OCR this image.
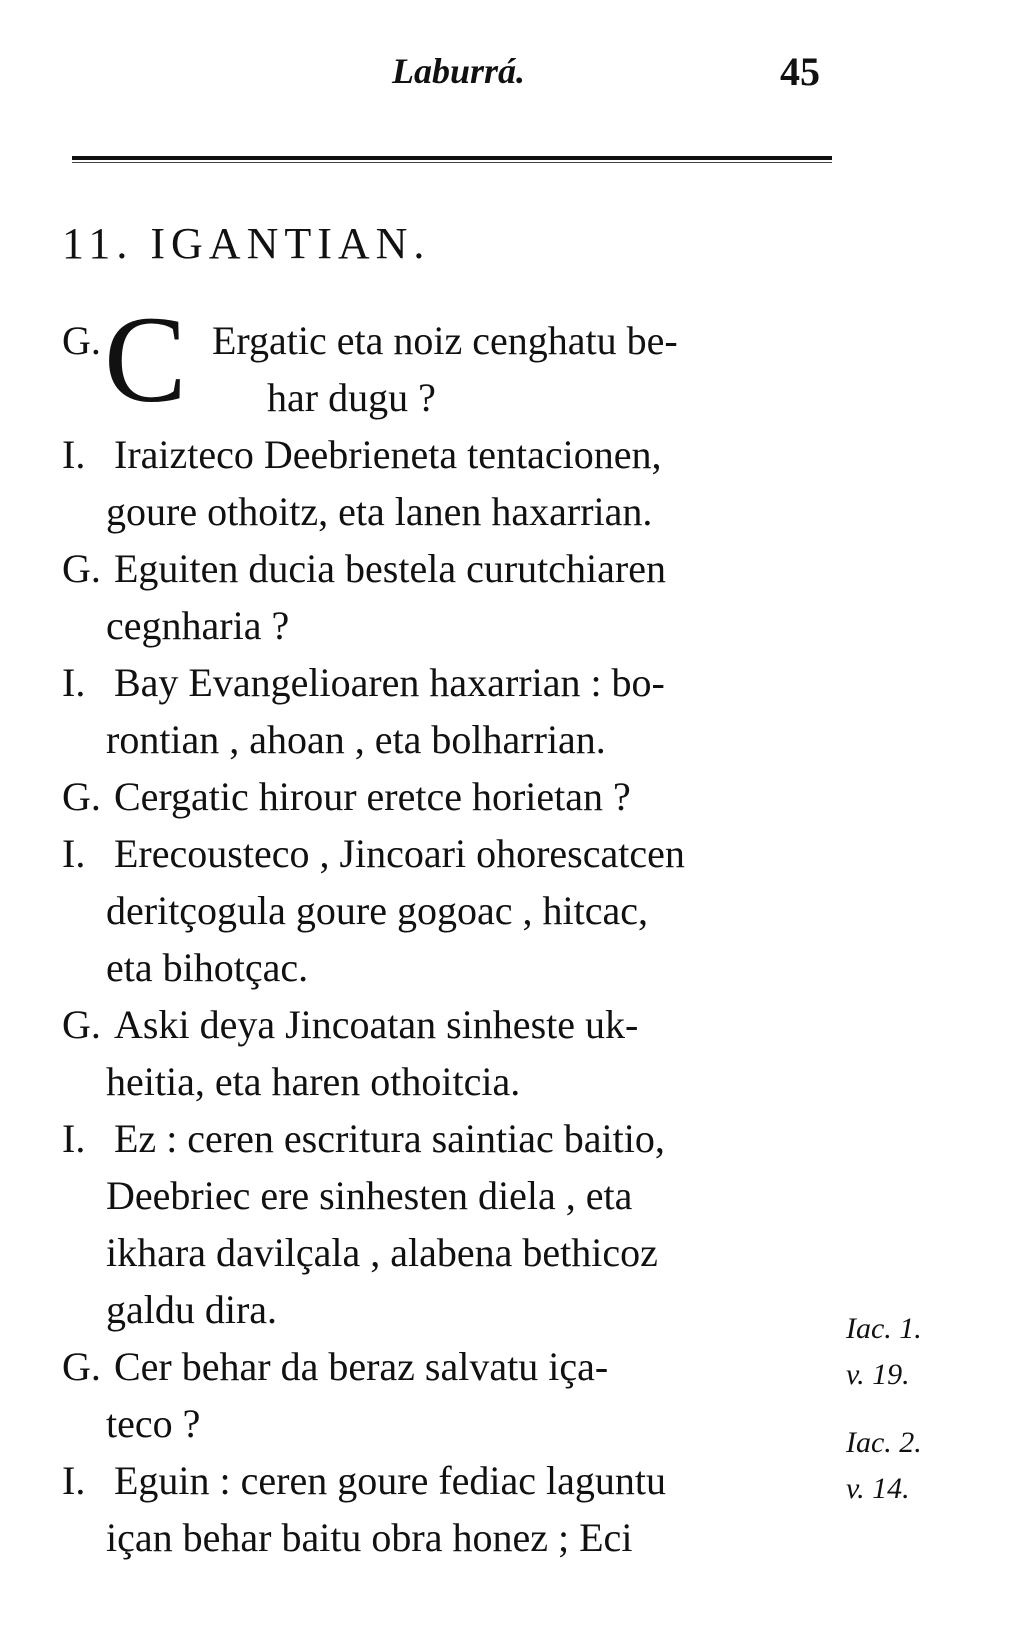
Laburrá.	45
11. IGANTIAN.
G. C Ergatic eta noiz cenghatu be-
har dugu ?
I. Iraizteco Deebrieneta tentacionen,
goure othoitz, eta lanen haxarrian.
G. Eguiten ducia bestela curutchiaren
cegnharia ?
I. Bay Evangelioaren haxarrian : bo-
rontian , ahoan , eta bolharrian.
G. Cergatic hirour eretce horietan ?
I. Erecousteco , Jincoari ohorescatcen
deritçogula goure gogoac , hitcac,
eta bihotçac.
G. Aski deya Jincoatan sinheste uk-
heitia, eta haren othoitcia.
I. Ez : ceren escritura saintiac baitio,
Deebriec ere sinhesten diela , eta
ikhara davilçala , alabena bethicoz
galdu dira.
G. Cer behar da beraz salvatu iça-
teco ?
I. Eguin : ceren goure fediac laguntu
içan behar baitu obra honez ; Eci
Iac. 1.
v. 19.
Iac. 2.
v. 14.
